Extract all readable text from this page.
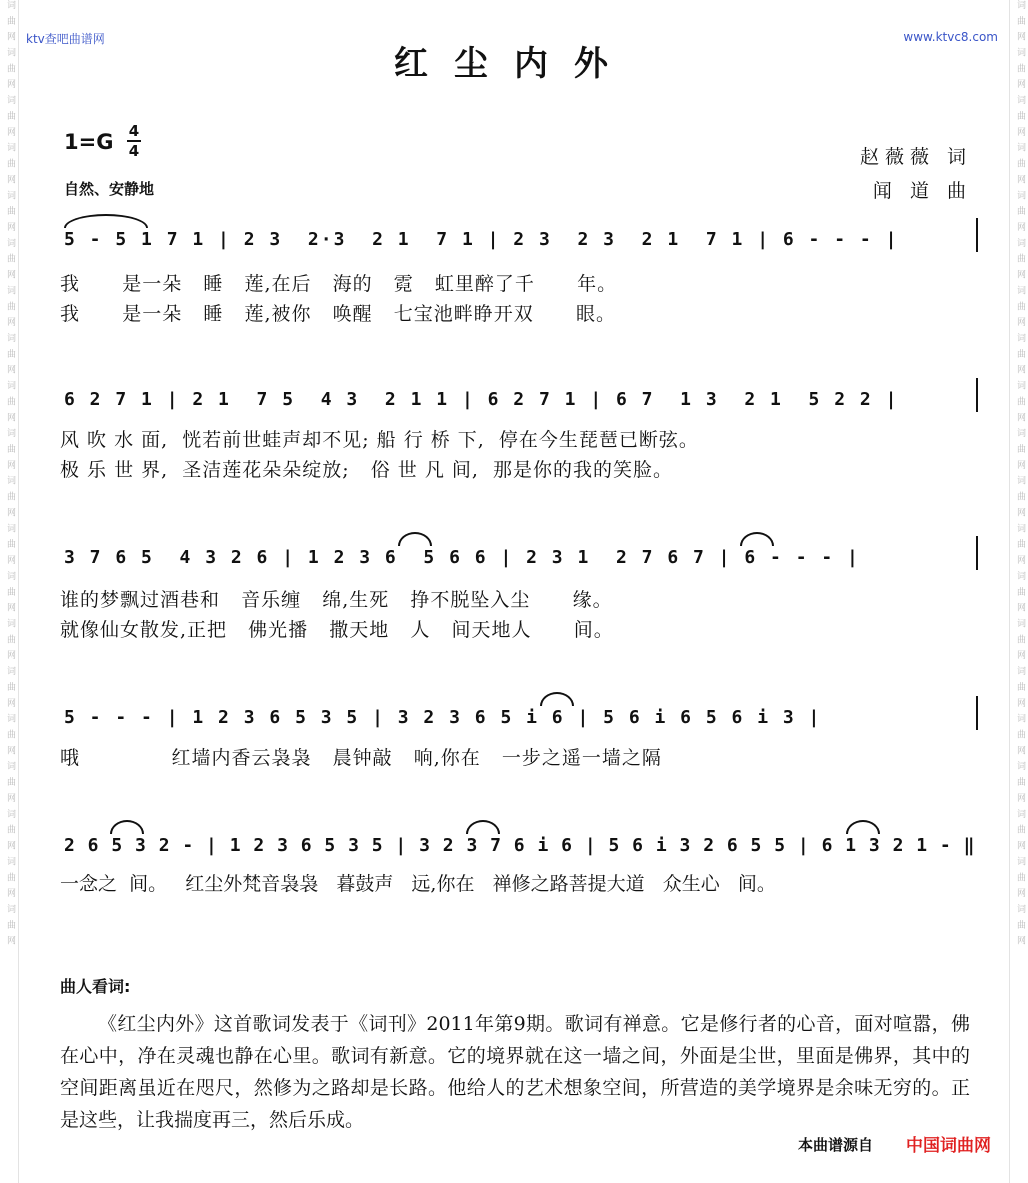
词 曲 网 词 曲 网 词 曲 网 词 曲 网 词 曲 网 词 曲 网 词 曲 网 词 曲 网 词 曲 网 词 曲 网 词 曲 网 词 曲 网 词 曲 网 词 曲 网 词 曲 网 词 曲 网 词 曲 网 词 曲 网 词 曲 网 词 曲 网	词 曲 网 词 曲 网 词 曲 网 词 曲 网 词 曲 网 词 曲 网 词 曲 网 词 曲 网 词 曲 网 词 曲 网 词 曲 网 词 曲 网 词 曲 网 词 曲 网 词 曲 网 词 曲 网 词 曲 网 词 曲 网 词 曲 网 词 曲 网
ktv查吧曲谱网	www.ktvc8.com
红尘内外
1=G 4
4
自然、安静地
赵薇薇 词
闻 道 曲
5 - 5 1 7 1 | 2 3  2·3  2 1  7 1 | 2 3  2 3  2 1  7 1 | 6 - - - |
我      是一朵   睡   莲,在后   海的   霓   虹里醉了千      年。
我      是一朵   睡   莲,被你   唤醒   七宝池畔睁开双      眼。
6 2 7 1 | 2 1  7 5  4 3  2 1 1 | 6 2 7 1 | 6 7  1 3  2 1  5 2 2 |
风 吹 水 面,  恍若前世蛙声却不见; 船 行 桥 下,  停在今生琵琶已断弦。
极 乐 世 界,  圣洁莲花朵朵绽放;   俗 世 凡 间,  那是你的我的笑脸。
3 7 6 5  4 3 2 6 | 1 2 3 6  5 6 6 | 2 3 1  2 7 6 7 | 6 - - - |
谁的梦飘过酒巷和   音乐缠   绵,生死   挣不脱坠入尘      缘。
就像仙女散发,正把   佛光播   撒天地   人   间天地人      间。
5 - - - | 1 2 3 6 5 3 5 | 3 2 3 6 5 i 6 | 5 6 i 6 5 6 i 3 |
哦             红墙内香云袅袅   晨钟敲   响,你在   一步之遥一墙之隔
2 6 5 3 2 - | 1 2 3 6 5 3 5 | 3 2 3 7 6 i 6 | 5 6 i 3 2 6 5 5 | 6 1 3 2 1 - ‖
一念之  间。   红尘外梵音袅袅   暮鼓声   远,你在   禅修之路菩提大道   众生心   间。
曲人看词:
《红尘内外》这首歌词发表于《词刊》2011年第9期。歌词有禅意。它是修行者的心音，面对喧嚣，佛在心中，净在灵魂也静在心里。歌词有新意。它的境界就在这一墙之间，外面是尘世，里面是佛界，其中的空间距离虽近在咫尺，然修为之路却是长路。他给人的艺术想象空间，所营造的美学境界是余味无穷的。正是这些，让我揣度再三，然后乐成。
本曲谱源自 中国词曲网
